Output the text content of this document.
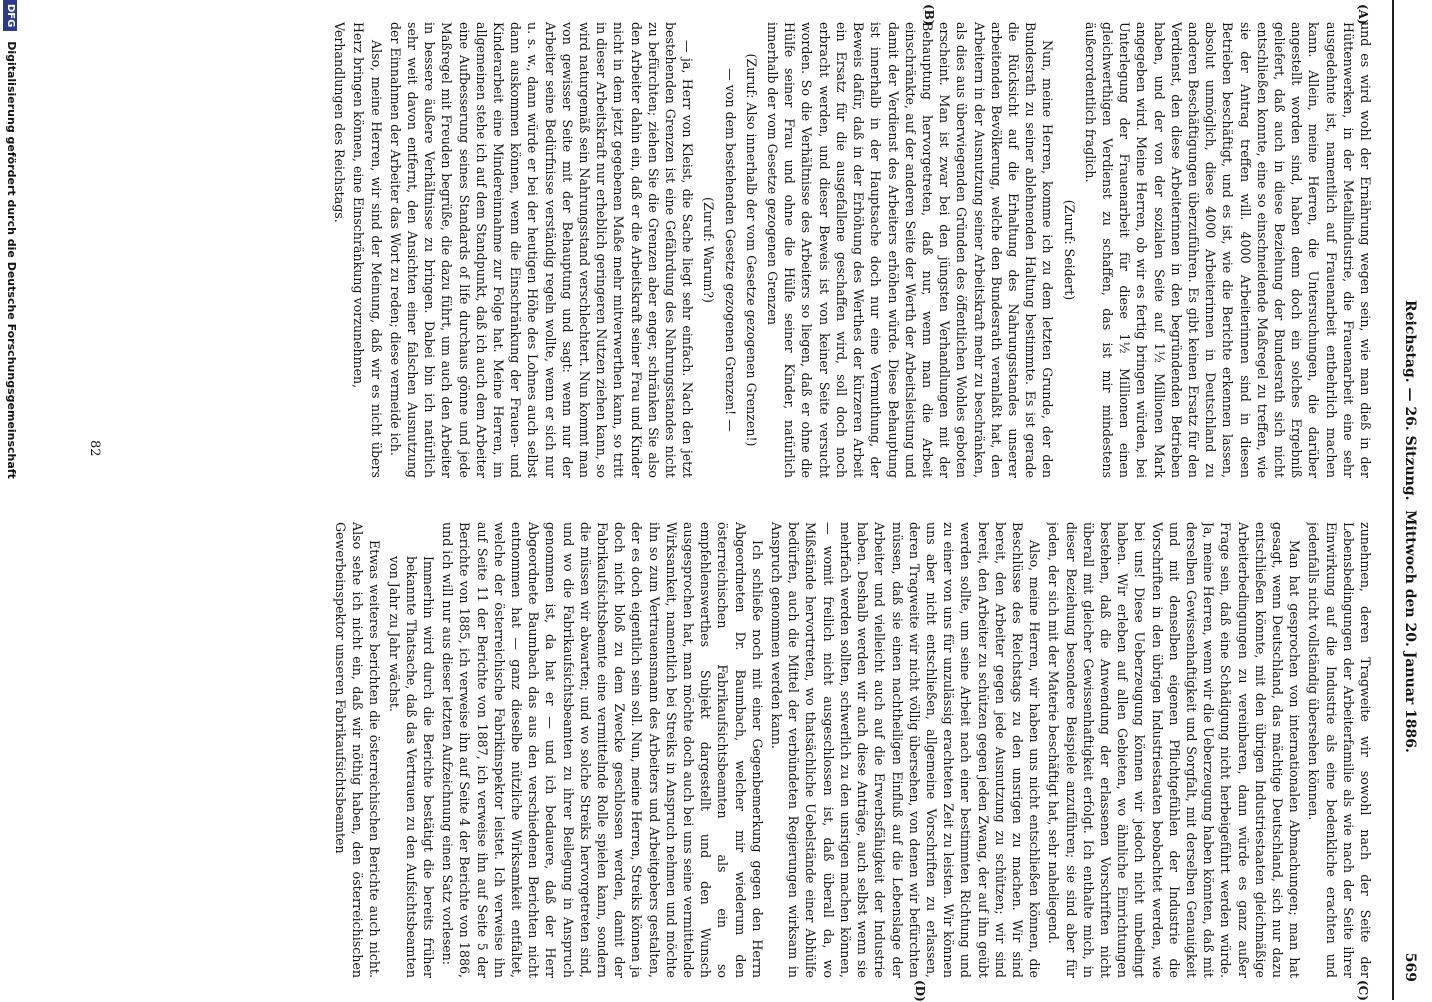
Reichstag. — 26. Sitzung.
Mittwoch den 20. Januar 1886.
569
(A)
(B)
(C)
(D)

und es wird wohl der Ernährung wegen sein, wie man dieß in der Hüttenwerken, in der Metallindustrie, die Frauenarbeit eine sehr ausgedehnte ist, namentlich auf Frauenarbeit entbehrlich machen kann. Allein, meine Herren, die Untersuchungen, die darüber angestellt worden sind, haben denn doch ein solches Ergebniß geliefert, daß auch in diese Beziehung der Bundesrath sich nicht entschließen konnte, eine so einschneidende Maßregel zu treffen, wie sie der Antrag treffen will. 4000 Arbeiterinnen sind in diesen Betrieben beschäftigt, und es ist, wie die Berichte erkennen lassen, absolut unmöglich, diese 4000 Arbeiterinnen in Deutschland zu anderen Beschäftigungen überzuführen. Es gibt keinen Ersatz für den Verdienst, den diese Arbeiterinnen in den begründenden Betrieben haben, und der von der sozialen Seite auf 1½ Millionen Mark angegeben wird. Meine Herren, ob wir es fertig bringen würden, bei Unterlegung der Frauenarbeit für diese 1½ Millionen einen gleichwerthigen Verdienst zu schaffen, das ist mir mindestens äußerordentlich fraglich.

(Zuruf: Seidert)

Nun, meine Herren, komme ich zu dem letzten Grunde, der den Bundesrath zu seiner ablehnenden Haltung bestimmte. Es ist gerade die Rücksicht auf die Erhaltung des Nahrungsstandes unserer arbeitenden Bevölkerung, welche den Bundesrath veranlaßt hat, den Arbeitern in der Ausnutzung seiner Arbeitskraft mehr zu beschränken, als dies aus überwiegenden Gründen des öffentlichen Wohles geboten erscheint. Man ist zwar bei den jüngsten Verhandlungen mit der Behauptung hervorgetreten, daß nur, wenn man die Arbeit einschränkte, auf der anderen Seite der Werth der Arbeitsleistung und damit der Verdienst des Arbeiters erhöhen würde. Diese Behauptung ist innerhalb in der Hauptsache doch nur eine Vermuthung, der Beweis dafür, daß in der Erhöhung des Werthes der kürzeren Arbeit ein Ersatz für die ausgefallene geschaffen wird, soll doch noch erbracht werden, und dieser Beweis ist von keiner Seite versucht worden. So die Verhältnisse des Arbeiters so liegen, daß er ohne die Hülfe seiner Frau und ohne die Hülfe seiner Kinder, natürlich innerhalb der vom Gesetze gezogenen Grenzen

(Zuruf: Also innerhalb der vom Gesetze gezogenen Grenzen!)

— von dem bestehenden Gesetze gezogenen Grenzen! —

(Zuruf: Warum?)

— ja, Herr von Kleist, die Sache liegt sehr einfach. Nach den jetzt bestehenden Grenzen ist eine Gefährdung des Nahrungsstandes nicht zu befürchten; ziehen Sie die Grenzen aber enger, schränken Sie also den Arbeiter dahin ein, daß er die Arbeitskraft seiner Frau und Kinder nicht in dem jetzt gegebenen Maße mehr mitverwerthen kann, so tritt in dieser Arbeitskraft nur erheblich geringeren Nutzen ziehen kann, so wird naturgemäß sein Nahrungsstand verschlechtert. Nun kommt man von gewisser Seite mit der Behauptung und sagt: wenn nur der Arbeiter seine Bedürfnisse verständig regeln wollte, wenn er sich nur u. s. w., dann würde er bei der heutigen Höhe des Lohnes auch selbst dann auskommen können, wenn die Einschränkung der Frauen- und Kinderarbeit eine Mindereinnahme zur Folge hat. Meine Herren, im allgemeinen stehe ich auf dem Standpunkt, daß ich auch dem Arbeiter eine Aufbesserung seines Standards of life durchaus gönne und jede Maßregel mit Freuden begrüße, die dazu führt, um auch den Arbeiter in bessere äußere Verhältnisse zu bringen. Dabei bin ich natürlich sehr weit davon entfernt, den Ansichten einer falschen Ausnutzung der Einnahmen der Arbeiter das Wort zu reden; diese vermeide ich.

Also, meine Herren, wir sind der Meinung, daß wir es nicht übers Herz bringen können, eine Einschränkung vorzunehmen,

Verhandlungen des Reichstags.

zunehmen, deren Tragweite wir sowohl nach der Seite der Lebensbedingungen der Arbeiterfamilie als wie nach der Seite ihrer Einwirkung auf die Industrie als eine bedenkliche erachten und jedenfalls nicht vollständig übersehen können.

Man hat gesprochen von internationalen Abmachungen; man hat gesagt, wenn Deutschland, das mächtige Deutschland, sich nur dazu entschließen könnte, mit den übrigen Industriestaaten gleichmäßige Arbeiterbedingungen zu vereinbaren, dann würde es ganz außer Frage sein, daß eine Schädigung nicht herbeigeführt werden würde. Ja, meine Herren, wenn wir die Ueberzeugung haben könnten, daß mit derselben Gewissenhaftigkeit und Sorgfalt, mit derselben Genauigkeit und mit denselben eigenen Pflichtgefühlen der Industrie die Vorschriften in den übrigen Industriestaaten beobachtet werden, wie bei uns! Diese Ueberzeugung können wir jedoch nicht unbedingt haben. Wir erleben auf allen Gebieten, wo ähnliche Einrichtungen bestehen, daß die Anwendung der erlassenen Vorschriften nicht überall mit gleicher Gewissenhaftigkeit erfolgt. Ich enthalte mich, in dieser Beziehung besondere Beispiele anzuführen; sie sind aber für jeden, der sich mit der Materie beschäftigt hat, sehr naheliegend.

Also, meine Herren, wir haben uns nicht entschließen können, die Beschlüsse des Reichstags zu den unsrigen zu machen. Wir sind bereit, den Arbeiter gegen jede Ausnutzung zu schützen; wir sind bereit, den Arbeiter zu schützen gegen jeden Zwang, der auf ihn geübt werden sollte, um seine Arbeit nach einer bestimmten Richtung und zu einer von uns für unzulässig erachteten Zeit zu leisten. Wir können uns aber nicht entschließen, allgemeine Vorschriften zu erlassen, deren Tragweite wir nicht völlig übersehen, von denen wir befürchten müssen, daß sie einen nachtheiligen Einfluß auf die Lebenslage der Arbeiter und vielleicht auch auf die Erwerbsfähigkeit der Industrie haben. Deshalb werden wir auch diese Anträge, auch selbst wenn sie mehrfach werden sollten, schwerlich zu den unsrigen machen können, — womit freilich nicht ausgeschlossen ist, daß überall da, wo Mißstände hervortreten, wo thatsächliche Uebelstände einer Abhülfe bedürfen, auch die Mittel der verbündeten Regierungen wirksam in Anspruch genommen werden kann.

Ich schließe noch mit einer Gegenbemerkung gegen den Herrn Abgeordneten Dr. Baumbach, welcher mir wiederum den österreichischen Fabrikaufsichtsbeamten als ein so empfehlenswerthes Subjekt dargestellt und den Wunsch ausgesprochen hat, man möchte doch auch bei uns seine vermittelnde Wirksamkeit, namentlich bei Streiks in Anspruch nehmen und möchte ihn so zum Vertrauensmann des Arbeiters und Arbeitgebers gestalten, der es doch eigentlich sein soll. Nun, meine Herren, Streiks können ja doch nicht bloß zu dem Zwecke geschlossen werden, damit der Fabrikaufsichtsbeamte eine vermittelnde Rolle spielen kann, sondern die müssen wir abwarten; und wo solche Streiks hervorgetreten sind, und wo die Fabrikaufsichtsbeamten zu ihrer Beilegung in Anspruch genommen ist, da hat er — und ich bedauere, daß der Herr Abgeordnete Baumbach das aus den verschiedenen Berichten nicht entnommen hat — ganz dieselbe nützliche Wirksamkeit entfaltet, welche der österreichische Fabrikinspektor leistet. Ich verweise ihn auf Seite 11 der Berichte von 1887, ich verweise ihn auf Seite 5 der Berichte von 1885, ich verweise ihn auf Seite 4 der Berichte von 1886, und ich will nur aus dieser letzten Aufzeichnung einen Satz vorlesen:

Immerhin wird durch die Berichte bestätigt die bereits früher bekannte Thatsache, daß das Vertrauen zu den Aufsichtsbeamten von Jahr zu Jahr wächst.

Etwas weiteres berichten die österreichischen Berichte auch nicht. Also sehe ich nicht ein, daß wir nöthig haben, den österreichischen Gewerbeinspektor unseren Fabrikaufsichtsbeamten

82
DFG Digitalisierung gefördert durch die Deutsche Forschungsgemeinschaft
